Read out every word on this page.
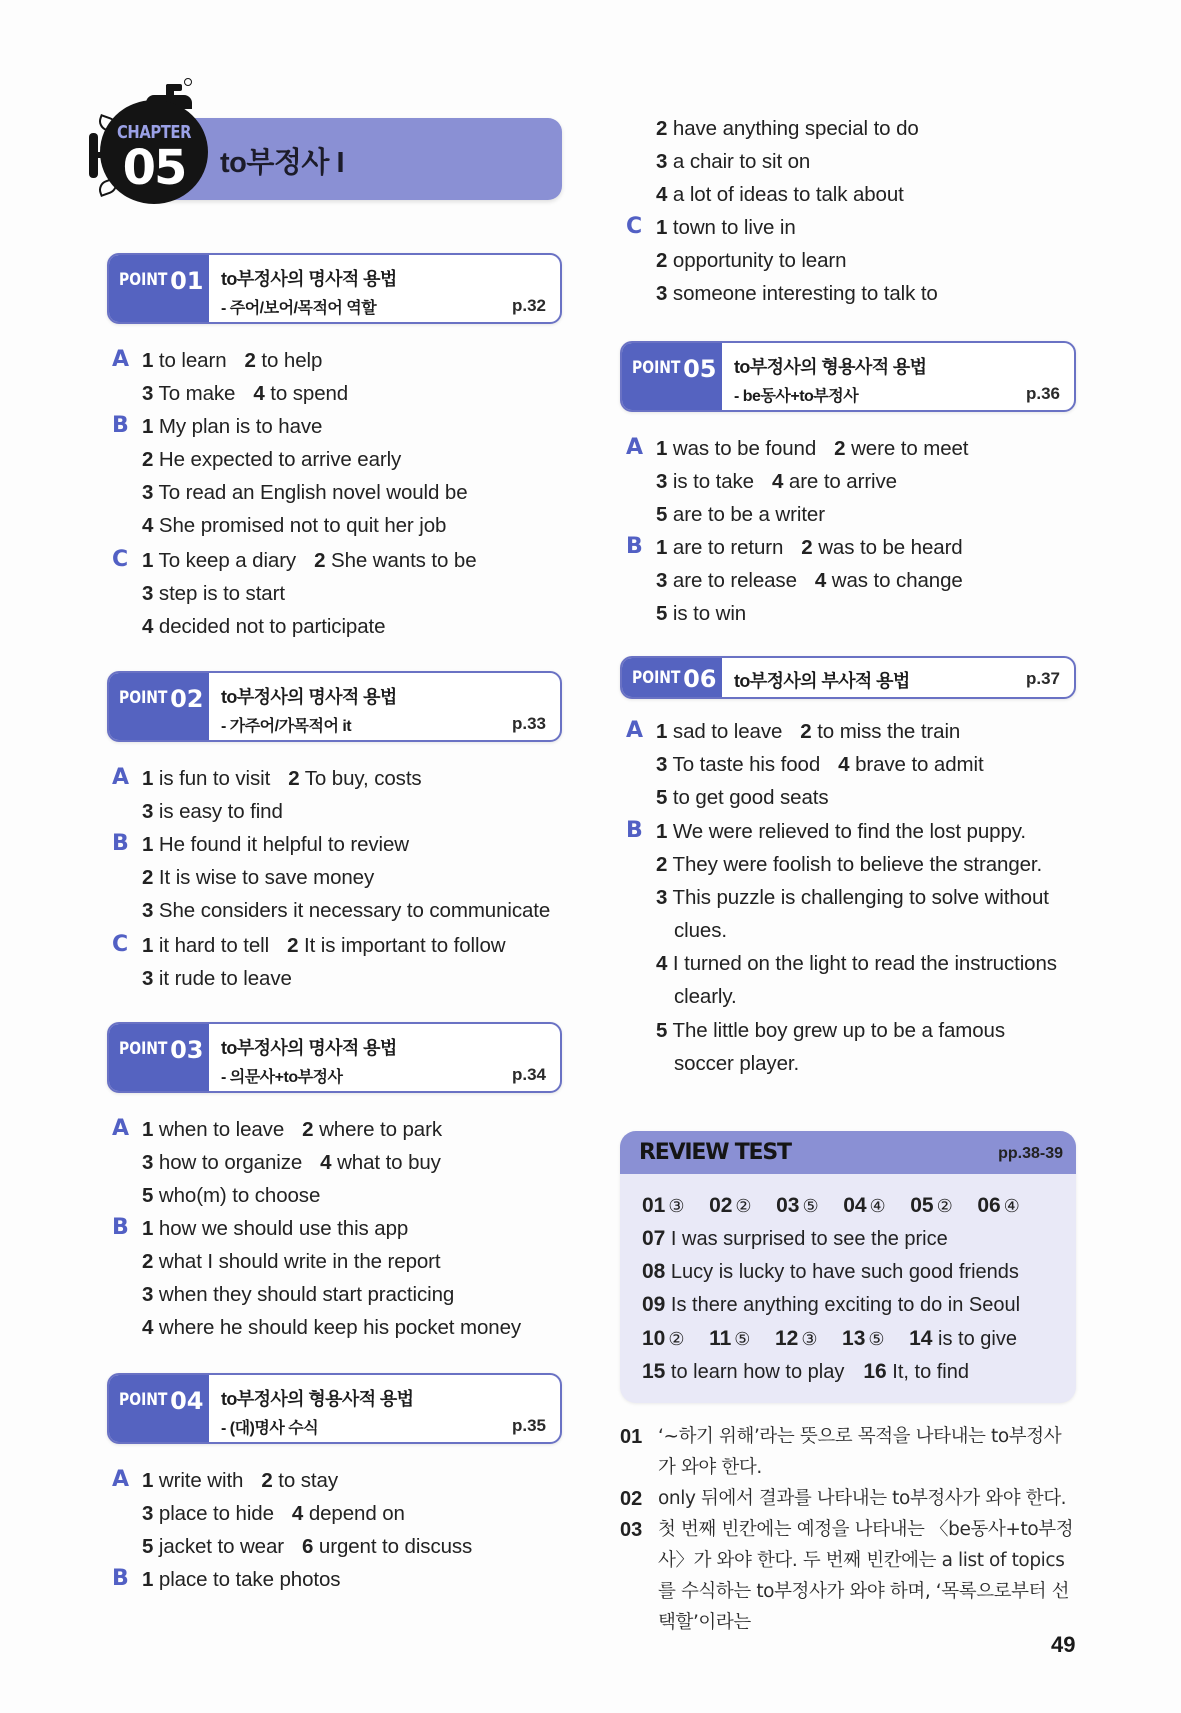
to부정사 I
CHAPTER
05
POINT 01 to부정사의 명사적 용법
- 주어/보어/목적어 역할	p.32
A 1 to learn 2 to help
3 To make 4 to spend
B 1 My plan is to have
2 He expected to arrive early
3 To read an English novel would be
4 She promised not to quit her job
C 1 To keep a diary 2 She wants to be
3 step is to start
4 decided not to participate
POINT 02 to부정사의 명사적 용법
- 가주어/가목적어 it	p.33
A 1 is fun to visit 2 To buy, costs
3 is easy to find
B 1 He found it helpful to review
2 It is wise to save money
3 She considers it necessary to communicate
C 1 it hard to tell 2 It is important to follow
3 it rude to leave
POINT 03 to부정사의 명사적 용법
- 의문사+to부정사	p.34
A 1 when to leave 2 where to park
3 how to organize 4 what to buy
5 who(m) to choose
B 1 how we should use this app
2 what I should write in the report
3 when they should start practicing
4 where he should keep his pocket money
POINT 04 to부정사의 형용사적 용법
- (대)명사 수식	p.35
A 1 write with 2 to stay
3 place to hide 4 depend on
5 jacket to wear 6 urgent to discuss
B 1 place to take photos
2 have anything special to do
3 a chair to sit on
4 a lot of ideas to talk about
C 1 town to live in
2 opportunity to learn
3 someone interesting to talk to
POINT 05 to부정사의 형용사적 용법
- be동사+to부정사	p.36
A 1 was to be found 2 were to meet
3 is to take 4 are to arrive
5 are to be a writer
B 1 are to return 2 was to be heard
3 are to release 4 was to change
5 is to win
POINT 06 to부정사의 부사적 용법	p.37
A 1 sad to leave 2 to miss the train
3 To taste his food 4 brave to admit
5 to get good seats
B 1 We were relieved to find the lost puppy.
2 They were foolish to believe the stranger.
3 This puzzle is challenging to solve without
clues.
4 I turned on the light to read the instructions
clearly.
5 The little boy grew up to be a famous
soccer player.
REVIEW TEST	pp.38-39
01 ③ 02 ② 03 ⑤ 04 ④ 05 ② 06 ④
07 I was surprised to see the price
08 Lucy is lucky to have such good friends
09 Is there anything exciting to do in Seoul
10 ② 11 ⑤ 12 ③ 13 ⑤ 14 is to give
15 to learn how to play 16 It, to find
01 ‘~하기 위해’라는 뜻으로 목적을 나타내는 to부정사가 와야 한다.
02 only 뒤에서 결과를 나타내는 to부정사가 와야 한다.
03 첫 번째 빈칸에는 예정을 나타내는 〈be동사+to부정사〉가 와야 한다. 두 번째 빈칸에는 a list of topics를 수식하는 to부정사가 와야 하며, ‘목록으로부터 선택할’이라는
49
